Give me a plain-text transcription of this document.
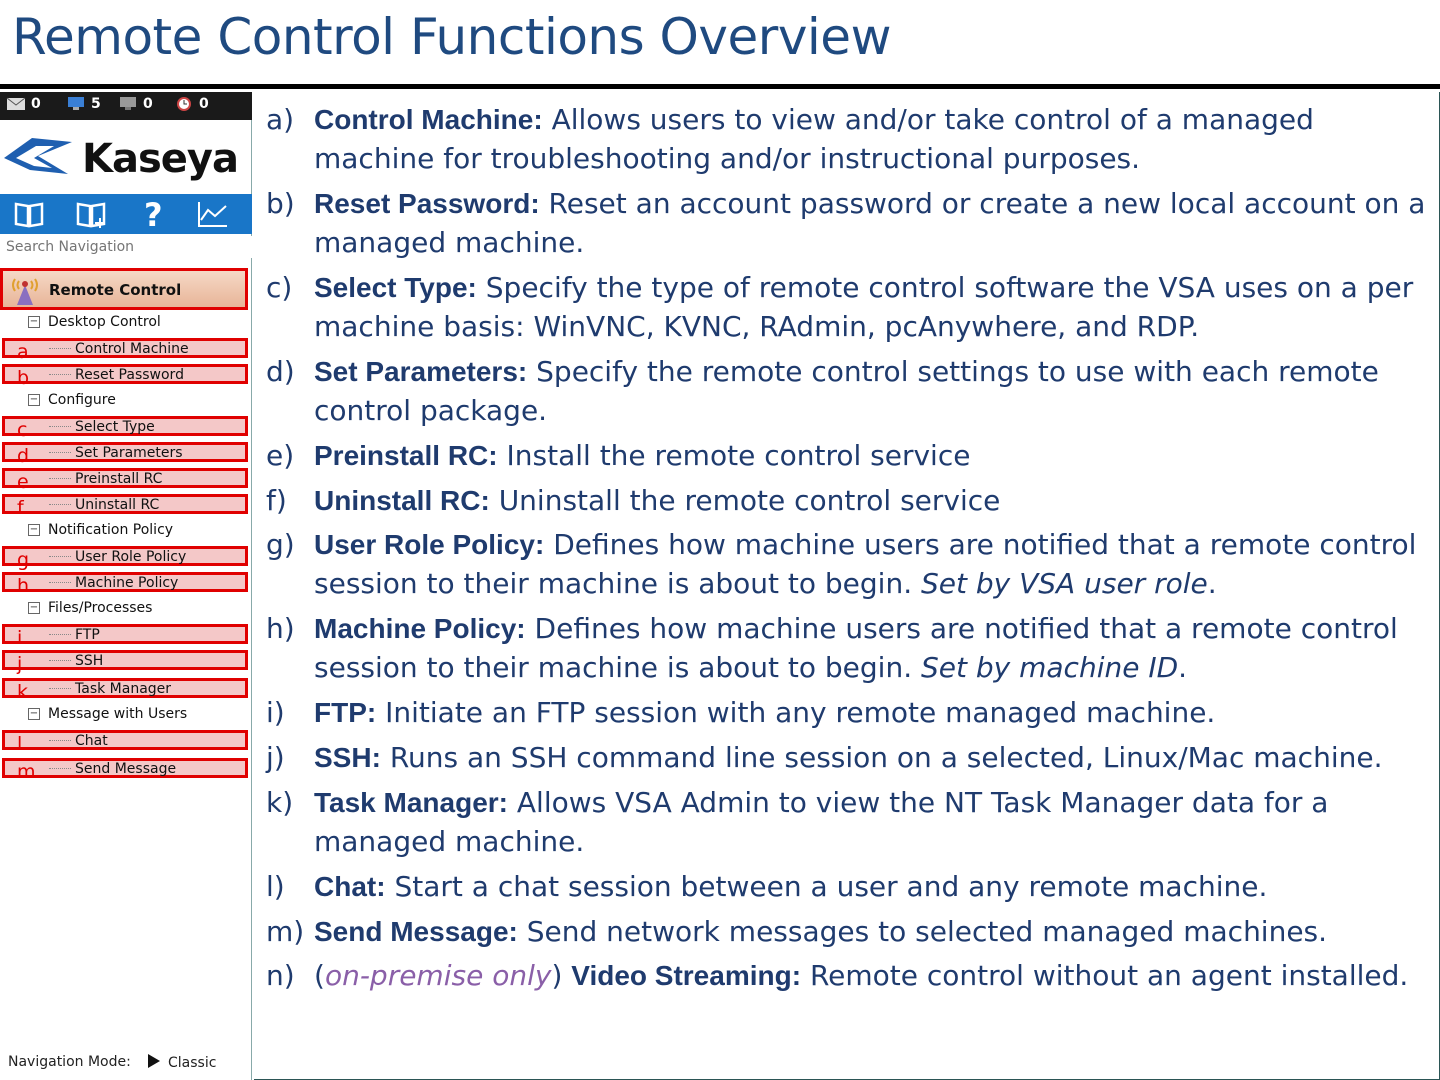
Remote Control Functions Overview
0	5	0	0
Kaseya
?
Search Navigation
Remote Control
− Desktop Control
a	Control Machine
b	Reset Password
− Configure
c	Select Type
d	Set Parameters
e	Preinstall RC
f	Uninstall RC
− Notification Policy
g	User Role Policy
h	Machine Policy
− Files/Processes
i	FTP
j	SSH
k	Task Manager
− Message with Users
l	Chat
m	Send Message
Navigation Mode:	Classic
a) Control Machine: Allows users to view and/or take control of a managed machine for troubleshooting and/or instructional purposes.
b) Reset Password: Reset an account password or create a new local account on a managed machine.
c) Select Type: Specify the type of remote control software the VSA uses on a per machine basis: WinVNC, KVNC, RAdmin, pcAnywhere, and RDP.
d) Set Parameters: Specify the remote control settings to use with each remote control package.
e) Preinstall RC: Install the remote control service
f) Uninstall RC: Uninstall the remote control service
g) User Role Policy: Defines how machine users are notified that a remote control session to their machine is about to begin. Set by VSA user role.
h) Machine Policy: Defines how machine users are notified that a remote control session to their machine is about to begin. Set by machine ID.
i) FTP: Initiate an FTP session with any remote managed machine.
j) SSH: Runs an SSH command line session on a selected, Linux/Mac machine.
k) Task Manager: Allows VSA Admin to view the NT Task Manager data for a managed machine.
l) Chat: Start a chat session between a user and any remote machine.
m) Send Message: Send network messages to selected managed machines.
n) (on-premise only) Video Streaming: Remote control without an agent installed.
